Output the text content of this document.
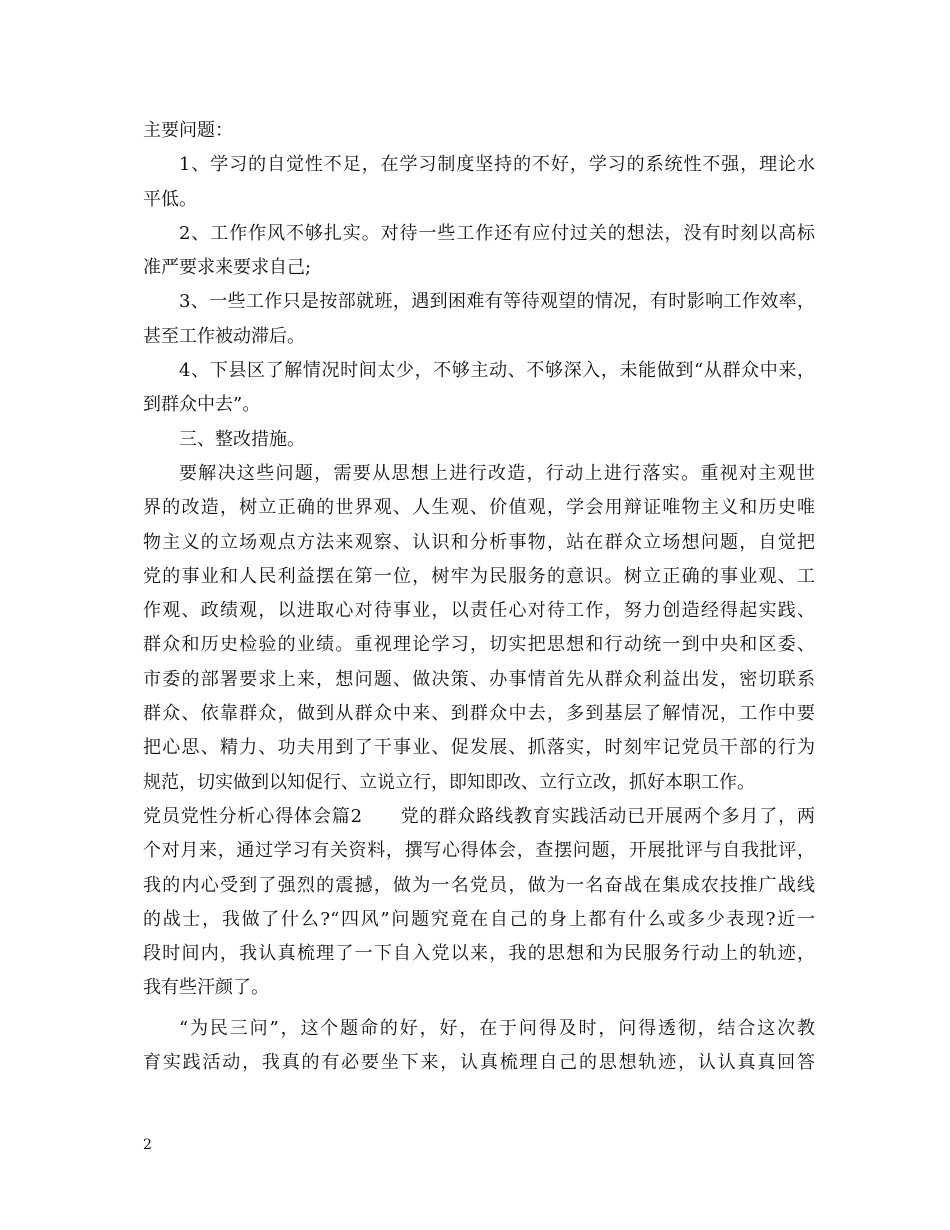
主要问题：
1、学习的自觉性不足，在学习制度坚持的不好，学习的系统性不强，理论水
平低。
2、工作作风不够扎实。对待一些工作还有应付过关的想法，没有时刻以高标
准严要求来要求自己;
3、一些工作只是按部就班，遇到困难有等待观望的情况，有时影响工作效率，
甚至工作被动滞后。
4、下县区了解情况时间太少，不够主动、不够深入，未能做到“从群众中来，
到群众中去”。
三、整改措施。
要解决这些问题，需要从思想上进行改造，行动上进行落实。重视对主观世
界的改造，树立正确的世界观、人生观、价值观，学会用辩证唯物主义和历史唯
物主义的立场观点方法来观察、认识和分析事物，站在群众立场想问题，自觉把
党的事业和人民利益摆在第一位，树牢为民服务的意识。树立正确的事业观、工
作观、政绩观，以进取心对待事业，以责任心对待工作，努力创造经得起实践、
群众和历史检验的业绩。重视理论学习，切实把思想和行动统一到中央和区委、
市委的部署要求上来，想问题、做决策、办事情首先从群众利益出发，密切联系
群众、依靠群众，做到从群众中来、到群众中去，多到基层了解情况，工作中要
把心思、精力、功夫用到了干事业、促发展、抓落实，时刻牢记党员干部的行为
规范，切实做到以知促行、立说立行，即知即改、立行立改，抓好本职工作。
党员党性分析心得体会篇2　　党的群众路线教育实践活动已开展两个多月了，两
个对月来，通过学习有关资料，撰写心得体会，查摆问题，开展批评与自我批评，
我的内心受到了强烈的震撼，做为一名党员，做为一名奋战在集成农技推广战线
的战士，我做了什么?“四风”问题究竟在自己的身上都有什么或多少表现?近一
段时间内，我认真梳理了一下自入党以来，我的思想和为民服务行动上的轨迹，
我有些汗颜了。
“为民三问”，这个题命的好，好，在于问得及时，问得透彻，结合这次教
育实践活动，我真的有必要坐下来，认真梳理自己的思想轨迹，认认真真回答
2
